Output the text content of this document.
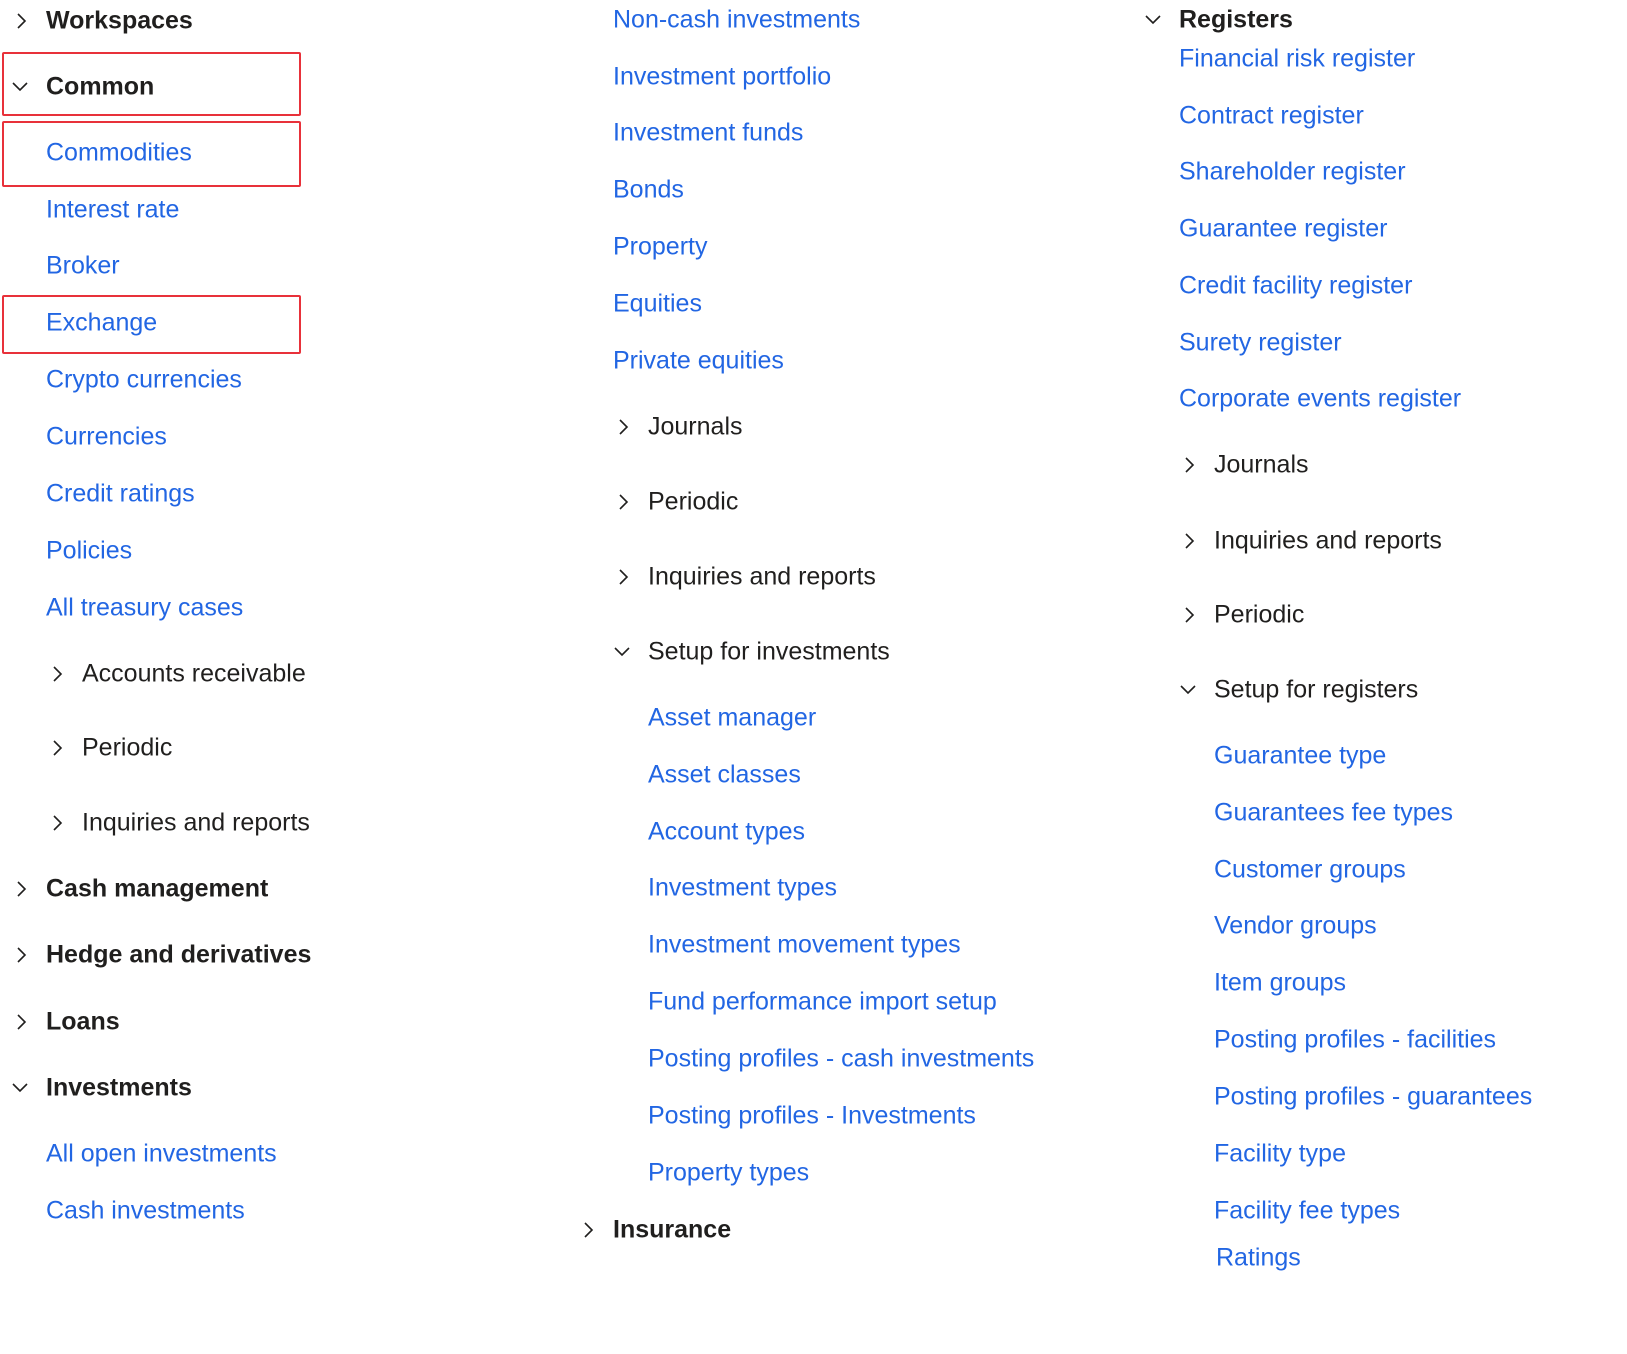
Workspaces
Common
Commodities
Interest rate
Broker
Exchange
Crypto currencies
Currencies
Credit ratings
Policies
All treasury cases
Accounts receivable
Periodic
Inquiries and reports
Cash management
Hedge and derivatives
Loans
Investments
All open investments
Cash investments
Non-cash investments
Investment portfolio
Investment funds
Bonds
Property
Equities
Private equities
Journals
Periodic
Inquiries and reports
Setup for investments
Asset manager
Asset classes
Account types
Investment types
Investment movement types
Fund performance import setup
Posting profiles - cash investments
Posting profiles - Investments
Property types
Insurance
Registers
Financial risk register
Contract register
Shareholder register
Guarantee register
Credit facility register
Surety register
Corporate events register
Journals
Inquiries and reports
Periodic
Setup for registers
Guarantee type
Guarantees fee types
Customer groups
Vendor groups
Item groups
Posting profiles - facilities
Posting profiles - guarantees
Facility type
Facility fee types
Ratings
